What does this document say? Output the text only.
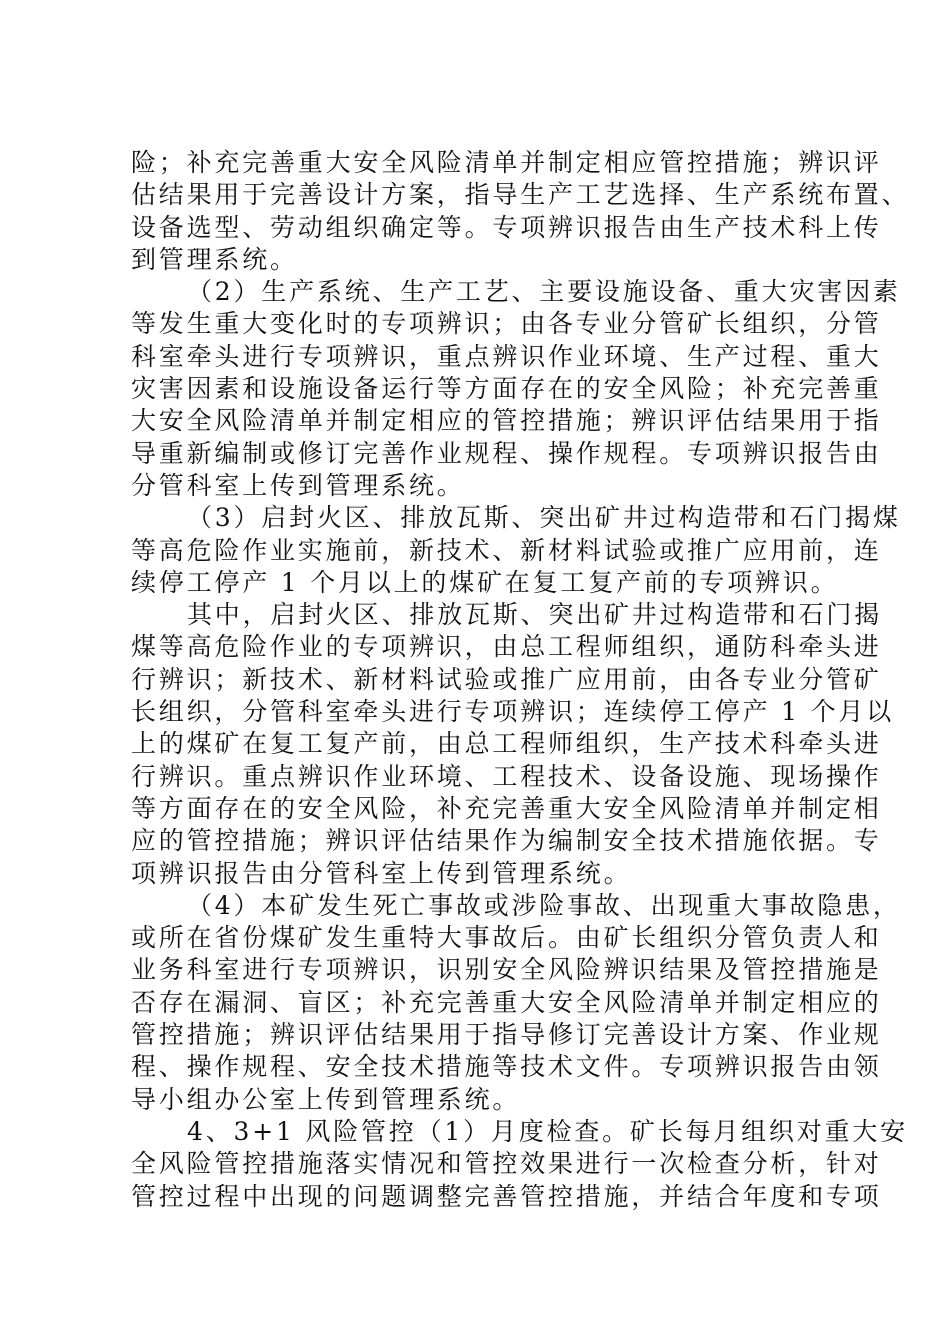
险；补充完善重大安全风险清单并制定相应管控措施；辨识评
估结果用于完善设计方案，指导生产工艺选择、生产系统布置、
设备选型、劳动组织确定等。专项辨识报告由生产技术科上传
到管理系统。
（2）生产系统、生产工艺、主要设施设备、重大灾害因素
等发生重大变化时的专项辨识；由各专业分管矿长组织，分管
科室牵头进行专项辨识，重点辨识作业环境、生产过程、重大
灾害因素和设施设备运行等方面存在的安全风险；补充完善重
大安全风险清单并制定相应的管控措施；辨识评估结果用于指
导重新编制或修订完善作业规程、操作规程。专项辨识报告由
分管科室上传到管理系统。
（3）启封火区、排放瓦斯、突出矿井过构造带和石门揭煤
等高危险作业实施前，新技术、新材料试验或推广应用前，连
续停工停产 1 个月以上的煤矿在复工复产前的专项辨识。
其中，启封火区、排放瓦斯、突出矿井过构造带和石门揭
煤等高危险作业的专项辨识，由总工程师组织，通防科牵头进
行辨识；新技术、新材料试验或推广应用前，由各专业分管矿
长组织，分管科室牵头进行专项辨识；连续停工停产 1 个月以
上的煤矿在复工复产前，由总工程师组织，生产技术科牵头进
行辨识。重点辨识作业环境、工程技术、设备设施、现场操作
等方面存在的安全风险，补充完善重大安全风险清单并制定相
应的管控措施；辨识评估结果作为编制安全技术措施依据。专
项辨识报告由分管科室上传到管理系统。
（4）本矿发生死亡事故或涉险事故、出现重大事故隐患，
或所在省份煤矿发生重特大事故后。由矿长组织分管负责人和
业务科室进行专项辨识，识别安全风险辨识结果及管控措施是
否存在漏洞、盲区；补充完善重大安全风险清单并制定相应的
管控措施；辨识评估结果用于指导修订完善设计方案、作业规
程、操作规程、安全技术措施等技术文件。专项辨识报告由领
导小组办公室上传到管理系统。
4、3+1 风险管控（1）月度检查。矿长每月组织对重大安
全风险管控措施落实情况和管控效果进行一次检查分析，针对
管控过程中出现的问题调整完善管控措施，并结合年度和专项
